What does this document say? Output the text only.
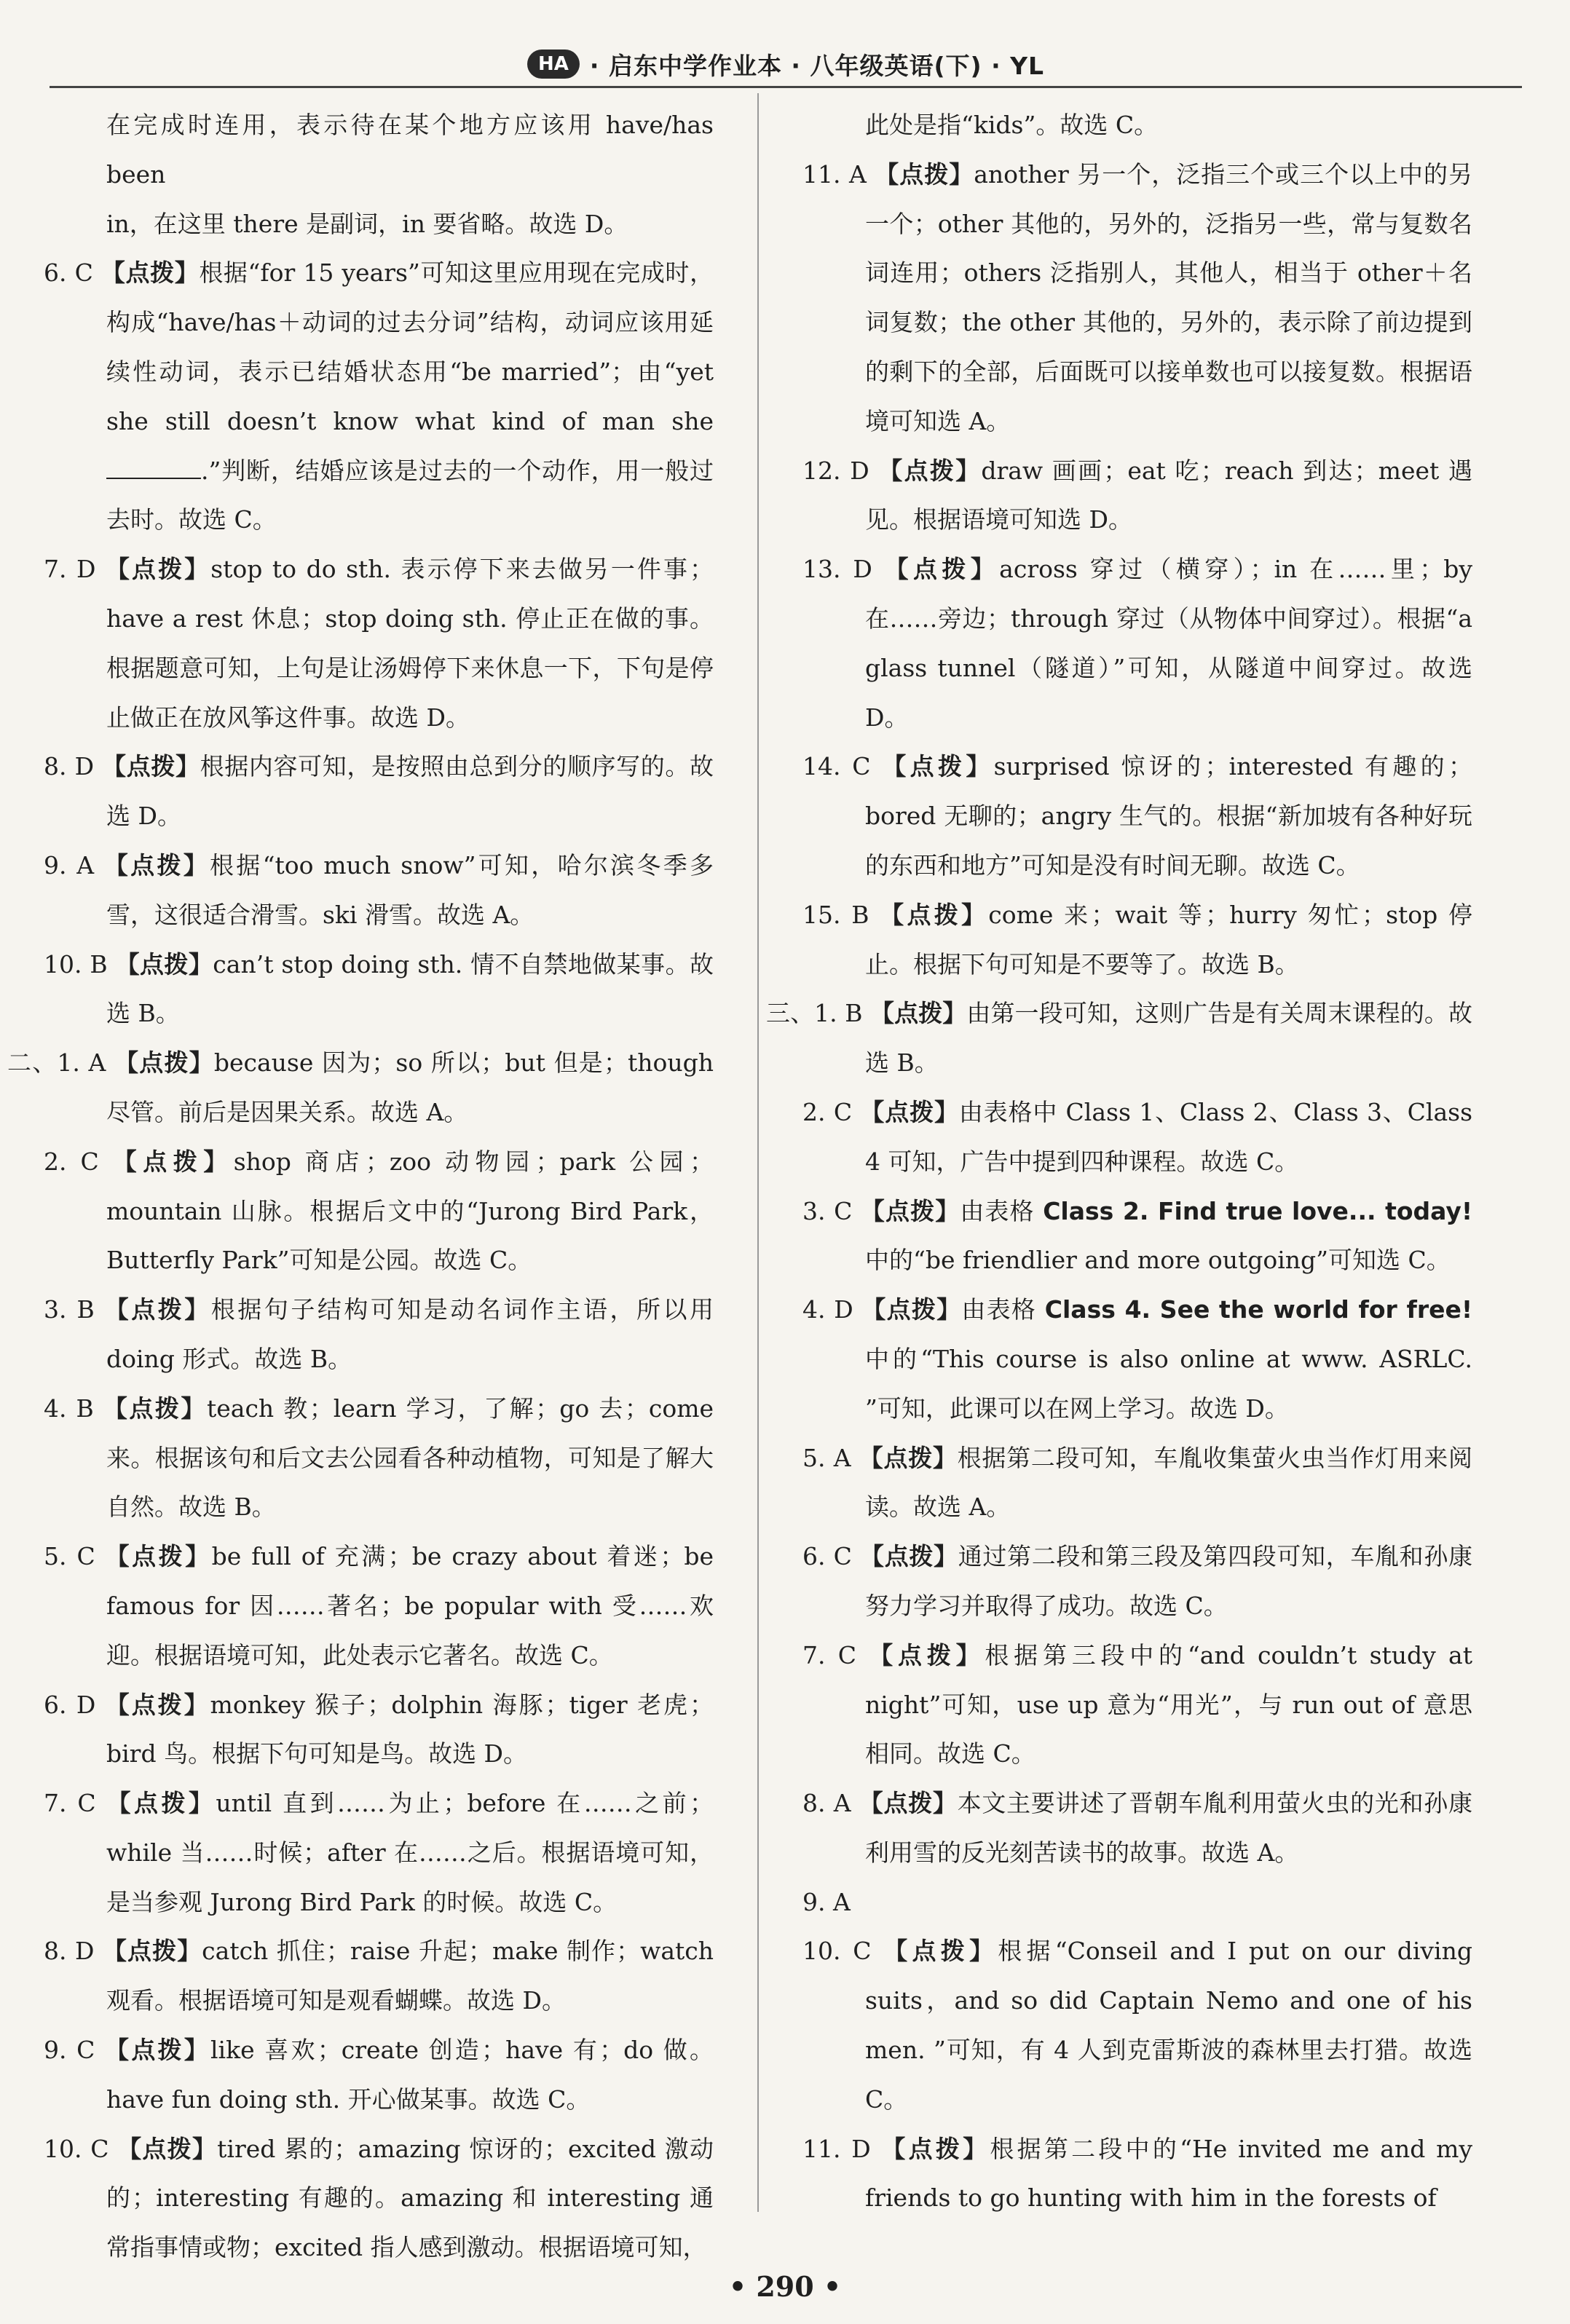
HA · 启东中学作业本 · 八年级英语(下) · YL

在完成时连用，表示待在某个地方应该用 have/has been

in，在这里 there 是副词，in 要省略。故选 D。

6. C 【点拨】根据“for 15 years”可知这里应用现在完成时，构成“have/has＋动词的过去分词”结构，动词应该用延续性动词，表示已结婚状态用“be married”；由“yet she still doesn’t know what kind of man she .”判断，结婚应该是过去的一个动作，用一般过去时。故选 C。

7. D 【点拨】stop to do sth. 表示停下来去做另一件事；have a rest 休息；stop doing sth. 停止正在做的事。根据题意可知，上句是让汤姆停下来休息一下，下句是停止做正在放风筝这件事。故选 D。

8. D 【点拨】根据内容可知，是按照由总到分的顺序写的。故选 D。

9. A 【点拨】根据“too much snow”可知，哈尔滨冬季多雪，这很适合滑雪。ski 滑雪。故选 A。

10. B 【点拨】can’t stop doing sth. 情不自禁地做某事。故选 B。

二、1. A 【点拨】because 因为；so 所以；but 但是；though 尽管。前后是因果关系。故选 A。

2. C 【点拨】shop 商店；zoo 动物园；park 公园；mountain 山脉。根据后文中的“Jurong Bird Park，Butterfly Park”可知是公园。故选 C。

3. B 【点拨】根据句子结构可知是动名词作主语，所以用 doing 形式。故选 B。

4. B 【点拨】teach 教；learn 学习，了解；go 去；come 来。根据该句和后文去公园看各种动植物，可知是了解大自然。故选 B。

5. C 【点拨】be full of 充满；be crazy about 着迷；be famous for 因……著名；be popular with 受……欢迎。根据语境可知，此处表示它著名。故选 C。

6. D 【点拨】monkey 猴子；dolphin 海豚；tiger 老虎；bird 鸟。根据下句可知是鸟。故选 D。

7. C 【点拨】until 直到……为止；before 在……之前；while 当……时候；after 在……之后。根据语境可知，是当参观 Jurong Bird Park 的时候。故选 C。

8. D 【点拨】catch 抓住；raise 升起；make 制作；watch 观看。根据语境可知是观看蝴蝶。故选 D。

9. C 【点拨】like 喜欢；create 创造；have 有；do 做。have fun doing sth. 开心做某事。故选 C。

10. C 【点拨】tired 累的；amazing 惊讶的；excited 激动的；interesting 有趣的。amazing 和 interesting 通常指事情或物；excited 指人感到激动。根据语境可知，

此处是指“kids”。故选 C。

11. A 【点拨】another 另一个，泛指三个或三个以上中的另一个；other 其他的，另外的，泛指另一些，常与复数名词连用；others 泛指别人，其他人，相当于 other＋名词复数；the other 其他的，另外的，表示除了前边提到的剩下的全部，后面既可以接单数也可以接复数。根据语境可知选 A。

12. D 【点拨】draw 画画；eat 吃；reach 到达；meet 遇见。根据语境可知选 D。

13. D 【点拨】across 穿过（横穿）；in 在……里；by 在……旁边；through 穿过（从物体中间穿过）。根据“a glass tunnel（隧道）”可知，从隧道中间穿过。故选 D。

14. C 【点拨】surprised 惊讶的；interested 有趣的；bored 无聊的；angry 生气的。根据“新加坡有各种好玩的东西和地方”可知是没有时间无聊。故选 C。

15. B 【点拨】come 来；wait 等；hurry 匆忙；stop 停止。根据下句可知是不要等了。故选 B。

三、1. B 【点拨】由第一段可知，这则广告是有关周末课程的。故选 B。

2. C 【点拨】由表格中 Class 1、Class 2、Class 3、Class 4 可知，广告中提到四种课程。故选 C。

3. C 【点拨】由表格 Class 2. Find true love... today! 中的“be friendlier and more outgoing”可知选 C。

4. D 【点拨】由表格 Class 4. See the world for free! 中的“This course is also online at www. ASRLC. ”可知，此课可以在网上学习。故选 D。

5. A 【点拨】根据第二段可知，车胤收集萤火虫当作灯用来阅读。故选 A。

6. C 【点拨】通过第二段和第三段及第四段可知，车胤和孙康努力学习并取得了成功。故选 C。

7. C 【点拨】根据第三段中的“and couldn’t study at night”可知，use up 意为“用光”，与 run out of 意思相同。故选 C。

8. A 【点拨】本文主要讲述了晋朝车胤利用萤火虫的光和孙康利用雪的反光刻苦读书的故事。故选 A。

9. A

10. C 【点拨】根据“Conseil and I put on our diving suits，and so did Captain Nemo and one of his men. ”可知，有 4 人到克雷斯波的森林里去打猎。故选 C。

11. D 【点拨】根据第二段中的“He invited me and my friends to go hunting with him in the forests of

• 290 •
